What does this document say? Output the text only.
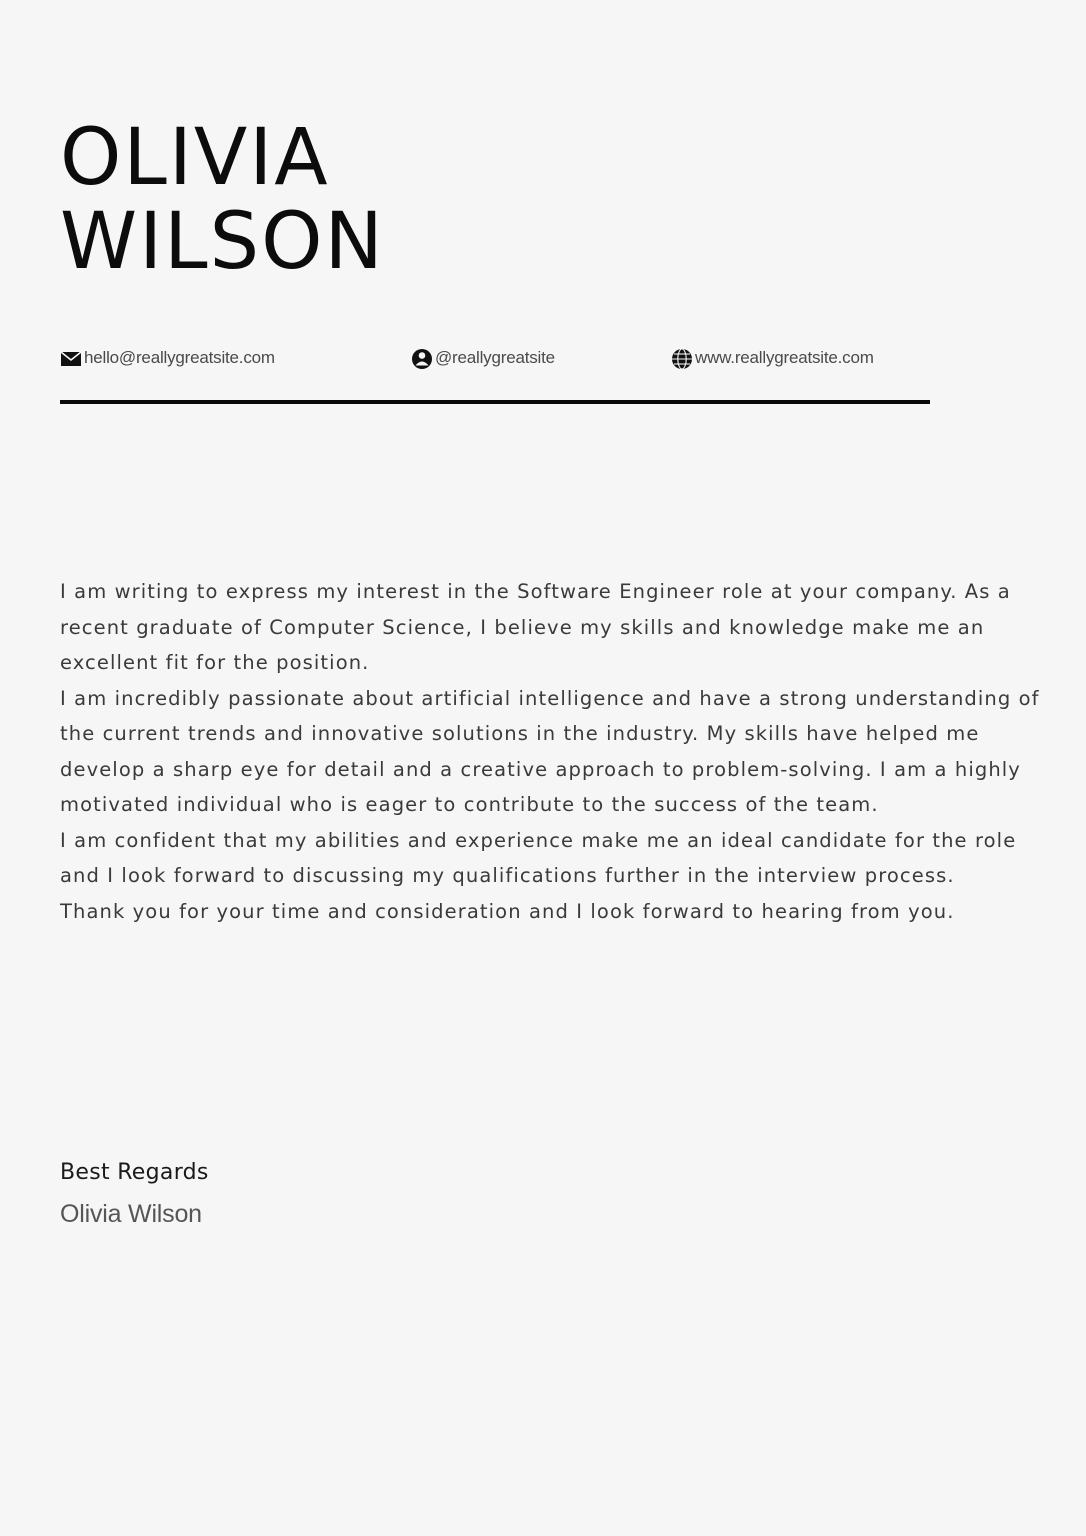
OLIVIA
WILSON
hello@reallygreatsite.com	@reallygreatsite	www.reallygreatsite.com

I am writing to express my interest in the Software Engineer role at your company. As a recent graduate of Computer Science, I believe my skills and knowledge make me an excellent fit for the position.

I am incredibly passionate about artificial intelligence and have a strong understanding of the current trends and innovative solutions in the industry. My skills have helped me develop a sharp eye for detail and a creative approach to problem-solving. I am a highly motivated individual who is eager to contribute to the success of the team.

I am confident that my abilities and experience make me an ideal candidate for the role and I look forward to discussing my qualifications further in the interview process.

Thank you for your time and consideration and I look forward to hearing from you.

Best Regards
Olivia Wilson
